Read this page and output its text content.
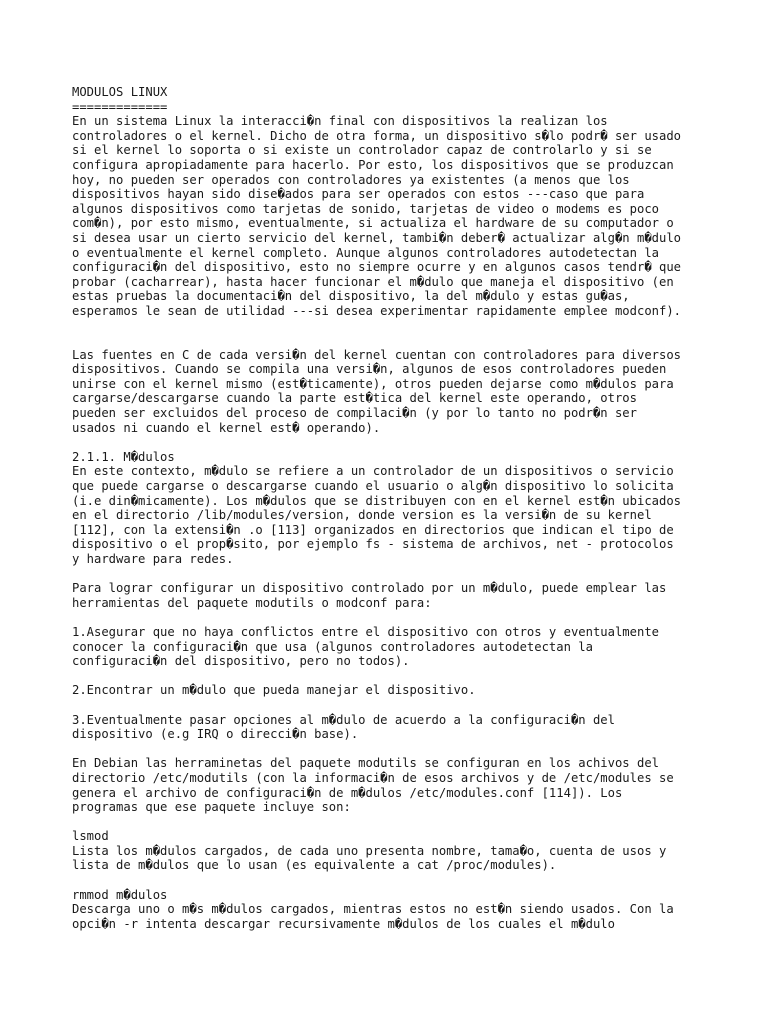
MODULOS LINUX
=============
En un sistema Linux la interacci�n final con dispositivos la realizan los
controladores o el kernel. Dicho de otra forma, un dispositivo s�lo podr� ser usado
si el kernel lo soporta o si existe un controlador capaz de controlarlo y si se
configura apropiadamente para hacerlo. Por esto, los dispositivos que se produzcan
hoy, no pueden ser operados con controladores ya existentes (a menos que los
dispositivos hayan sido dise�ados para ser operados con estos ---caso que para
algunos dispositivos como tarjetas de sonido, tarjetas de video o modems es poco
com�n), por esto mismo, eventualmente, si actualiza el hardware de su computador o
si desea usar un cierto servicio del kernel, tambi�n deber� actualizar alg�n m�dulo
o eventualmente el kernel completo. Aunque algunos controladores autodetectan la
configuraci�n del dispositivo, esto no siempre ocurre y en algunos casos tendr� que
probar (cacharrear), hasta hacer funcionar el m�dulo que maneja el dispositivo (en
estas pruebas la documentaci�n del dispositivo, la del m�dulo y estas gu�as,
esperamos le sean de utilidad ---si desea experimentar rapidamente emplee modconf).
Las fuentes en C de cada versi�n del kernel cuentan con controladores para diversos
dispositivos. Cuando se compila una versi�n, algunos de esos controladores pueden
unirse con el kernel mismo (est�ticamente), otros pueden dejarse como m�dulos para
cargarse/descargarse cuando la parte est�tica del kernel este operando, otros
pueden ser excluidos del proceso de compilaci�n (y por lo tanto no podr�n ser
usados ni cuando el kernel est� operando).
2.1.1. M�dulos
En este contexto, m�dulo se refiere a un controlador de un dispositivos o servicio
que puede cargarse o descargarse cuando el usuario o alg�n dispositivo lo solicita
(i.e din�micamente). Los m�dulos que se distribuyen con en el kernel est�n ubicados
en el directorio /lib/modules/version, donde version es la versi�n de su kernel
[112], con la extensi�n .o [113] organizados en directorios que indican el tipo de
dispositivo o el prop�sito, por ejemplo fs - sistema de archivos, net - protocolos
y hardware para redes.
Para lograr configurar un dispositivo controlado por un m�dulo, puede emplear las
herramientas del paquete modutils o modconf para:
1.Asegurar que no haya conflictos entre el dispositivo con otros y eventualmente
conocer la configuraci�n que usa (algunos controladores autodetectan la
configuraci�n del dispositivo, pero no todos).
2.Encontrar un m�dulo que pueda manejar el dispositivo.
3.Eventualmente pasar opciones al m�dulo de acuerdo a la configuraci�n del
dispositivo (e.g IRQ o direcci�n base).
En Debian las herraminetas del paquete modutils se configuran en los achivos del
directorio /etc/modutils (con la informaci�n de esos archivos y de /etc/modules se
genera el archivo de configuraci�n de m�dulos /etc/modules.conf [114]). Los
programas que ese paquete incluye son:
lsmod
Lista los m�dulos cargados, de cada uno presenta nombre, tama�o, cuenta de usos y
lista de m�dulos que lo usan (es equivalente a cat /proc/modules).
rmmod m�dulos
Descarga uno o m�s m�dulos cargados, mientras estos no est�n siendo usados. Con la
opci�n -r intenta descargar recursivamente m�dulos de los cuales el m�dulo
